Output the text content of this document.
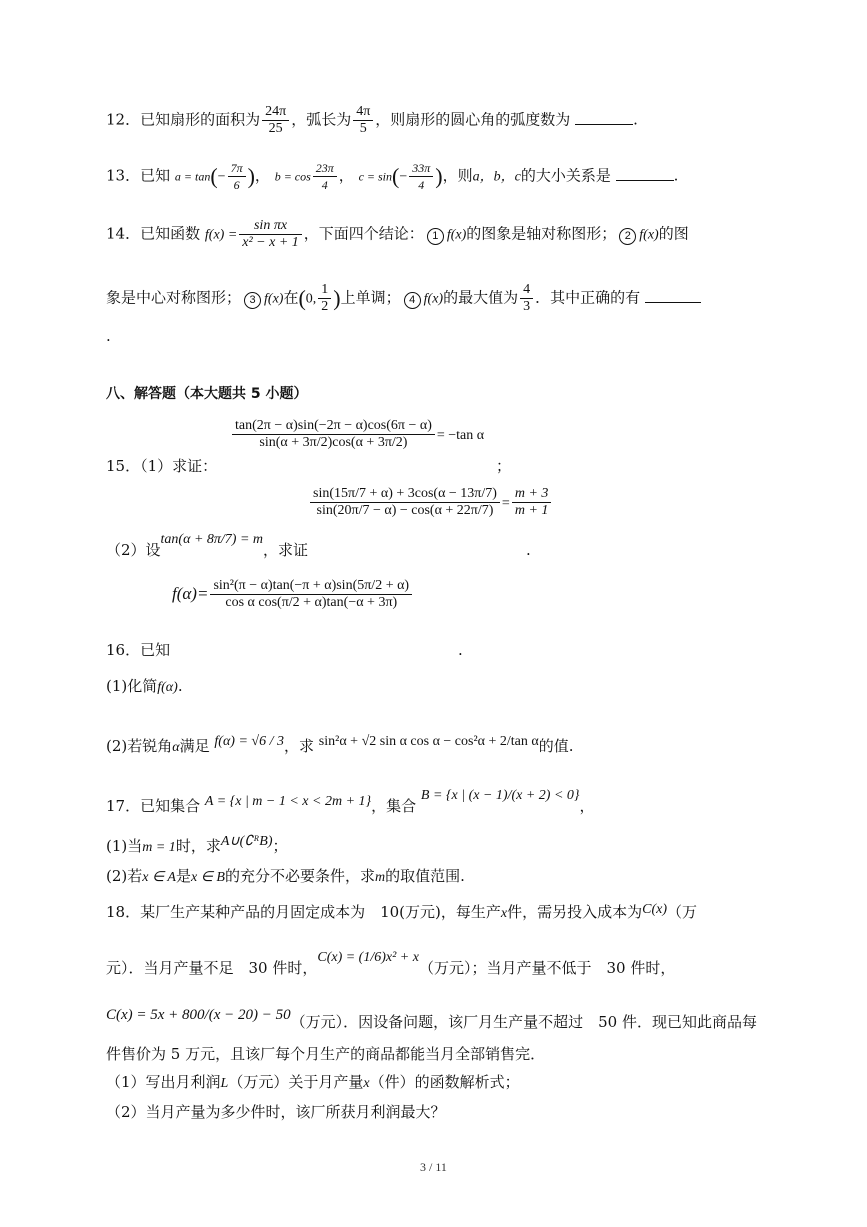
12．已知扇形的面积为 $\frac{24\pi}{25}$ ，弧长为 $\frac{4\pi}{5}$ ，则扇形的圆心角的弧度数为	.
13．已知 $a = \tan(- \frac{7\pi}{6}$ )， $b = \cos \frac{23\pi}{4}$ ， $c = \sin(- \frac{33\pi}{4}$ )，则a，b，c的大小关系是	.
14．已知函数 $f(x) = \frac{\text{sin πx}}{\text{x² − x + 1}}$ ，下面四个结论： 1 f(x)的图象是轴对称图形； 2 f(x)的图
象是中心对称图形； 3 f(x)在(0, $\frac{1}{2}$ )上单调； 4 f(x)的最大值为 $\frac{4}{3}$ ．其中正确的有
.
八、解答题（本大题共 5 小题）
$\frac{\tan(2\pi - \alpha)\sin(-2\pi - \alpha)\cos(6\pi - \alpha)}{\sin(\alpha + 3\pi/2)\cos(\alpha + 3\pi/2)} = -\tan$ α
15．（1）求证：	；
$\frac{\sin(15\pi/7 + \alpha) + 3\cos(\alpha - 13\pi/7)}{\sin(20\pi/7 - \alpha) - \cos(\alpha + 22\pi/7)} = \frac{m + 3}{m + 1}$
（2）设tan(α + 8π/7) = m，求证	.
$f(\alpha)= \frac{\text{sin²(π − α)tan(−π + α)sin(5π/2 + α)}}{\text{cos α cos(π/2 + α)tan(−α + 3π)}}$
16．已知	.
(1)化简f(α).
(2)若锐角α满足 f(α) = √6 / 3，求 sin²α + √2 sin α cos α − cos²α + 2/tan α的值.
17．已知集合 A = {x | m − 1 < x < 2m + 1}，集合 B = {x | (x − 1)/(x + 2) < 0}，
(1)当m = 1时，求A∪(∁ᴿB)；
(2)若x ∈ A是x ∈ B的充分不必要条件，求m的取值范围.
18．某厂生产某种产品的月固定成本为　10(万元)，每生产x件，需另投入成本为C(x)（万
元）．当月产量不足　30 件时，C(x) = (1/6)x² + x（万元）；当月产量不低于　30 件时，
C(x) = 5x + 800/(x − 20) − 50（万元）．因设备问题，该厂月生产量不超过　50 件．现已知此商品每
件售价为 5 万元，且该厂每个月生产的商品都能当月全部销售完．
（1）写出月利润L（万元）关于月产量x（件）的函数解析式；
（2）当月产量为多少件时，该厂所获月利润最大？
3 / 11
